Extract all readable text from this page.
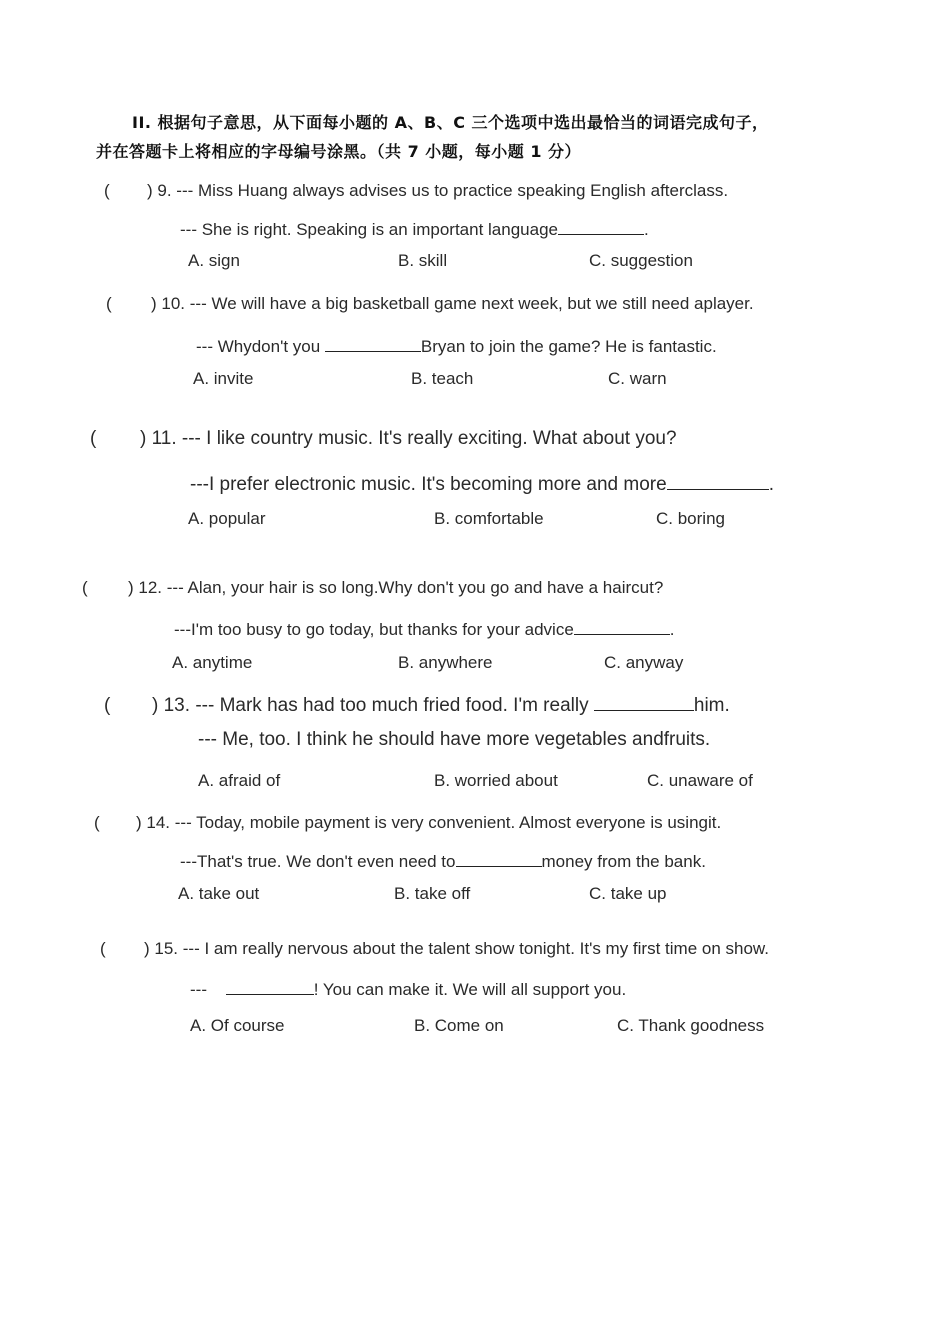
II. 根据句子意思，从下面每小题的 A、B、C 三个选项中选出最恰当的词语完成句子，
并在答题卡上将相应的字母编号涂黑。（共 7 小题，每小题 1 分）
( ) 9. --- Miss Huang always advises us to practice speaking English afterclass.
--- She is right. Speaking is an important language	.
A. sign	B. skill	C. suggestion
( ) 10. --- We will have a big basketball game next week, but we still need aplayer.
--- Whydon't you	Bryan to join the game? He is fantastic.
A. invite	B. teach	C. warn
( ) 11. --- I like country music. It's really exciting. What about you?
---I prefer electronic music. It's becoming more and more	.
A. popular	B. comfortable	C. boring
( ) 12. --- Alan, your hair is so long.Why don't you go and have a haircut?
---I'm too busy to go today, but thanks for your advice	.
A. anytime	B. anywhere	C. anyway
( ) 13. --- Mark has had too much fried food. I'm really	him.
--- Me, too. I think he should have more vegetables andfruits.
A. afraid of	B. worried about	C. unaware of
( ) 14. --- Today, mobile payment is very convenient. Almost everyone is usingit.
---That's true. We don't even need to	money from the bank.
A. take out	B. take off	C. take up
( ) 15. --- I am really nervous about the talent show tonight. It's my first time on show.
---	! You can make it. We will all support you.
A. Of course	B. Come on	C. Thank goodness
